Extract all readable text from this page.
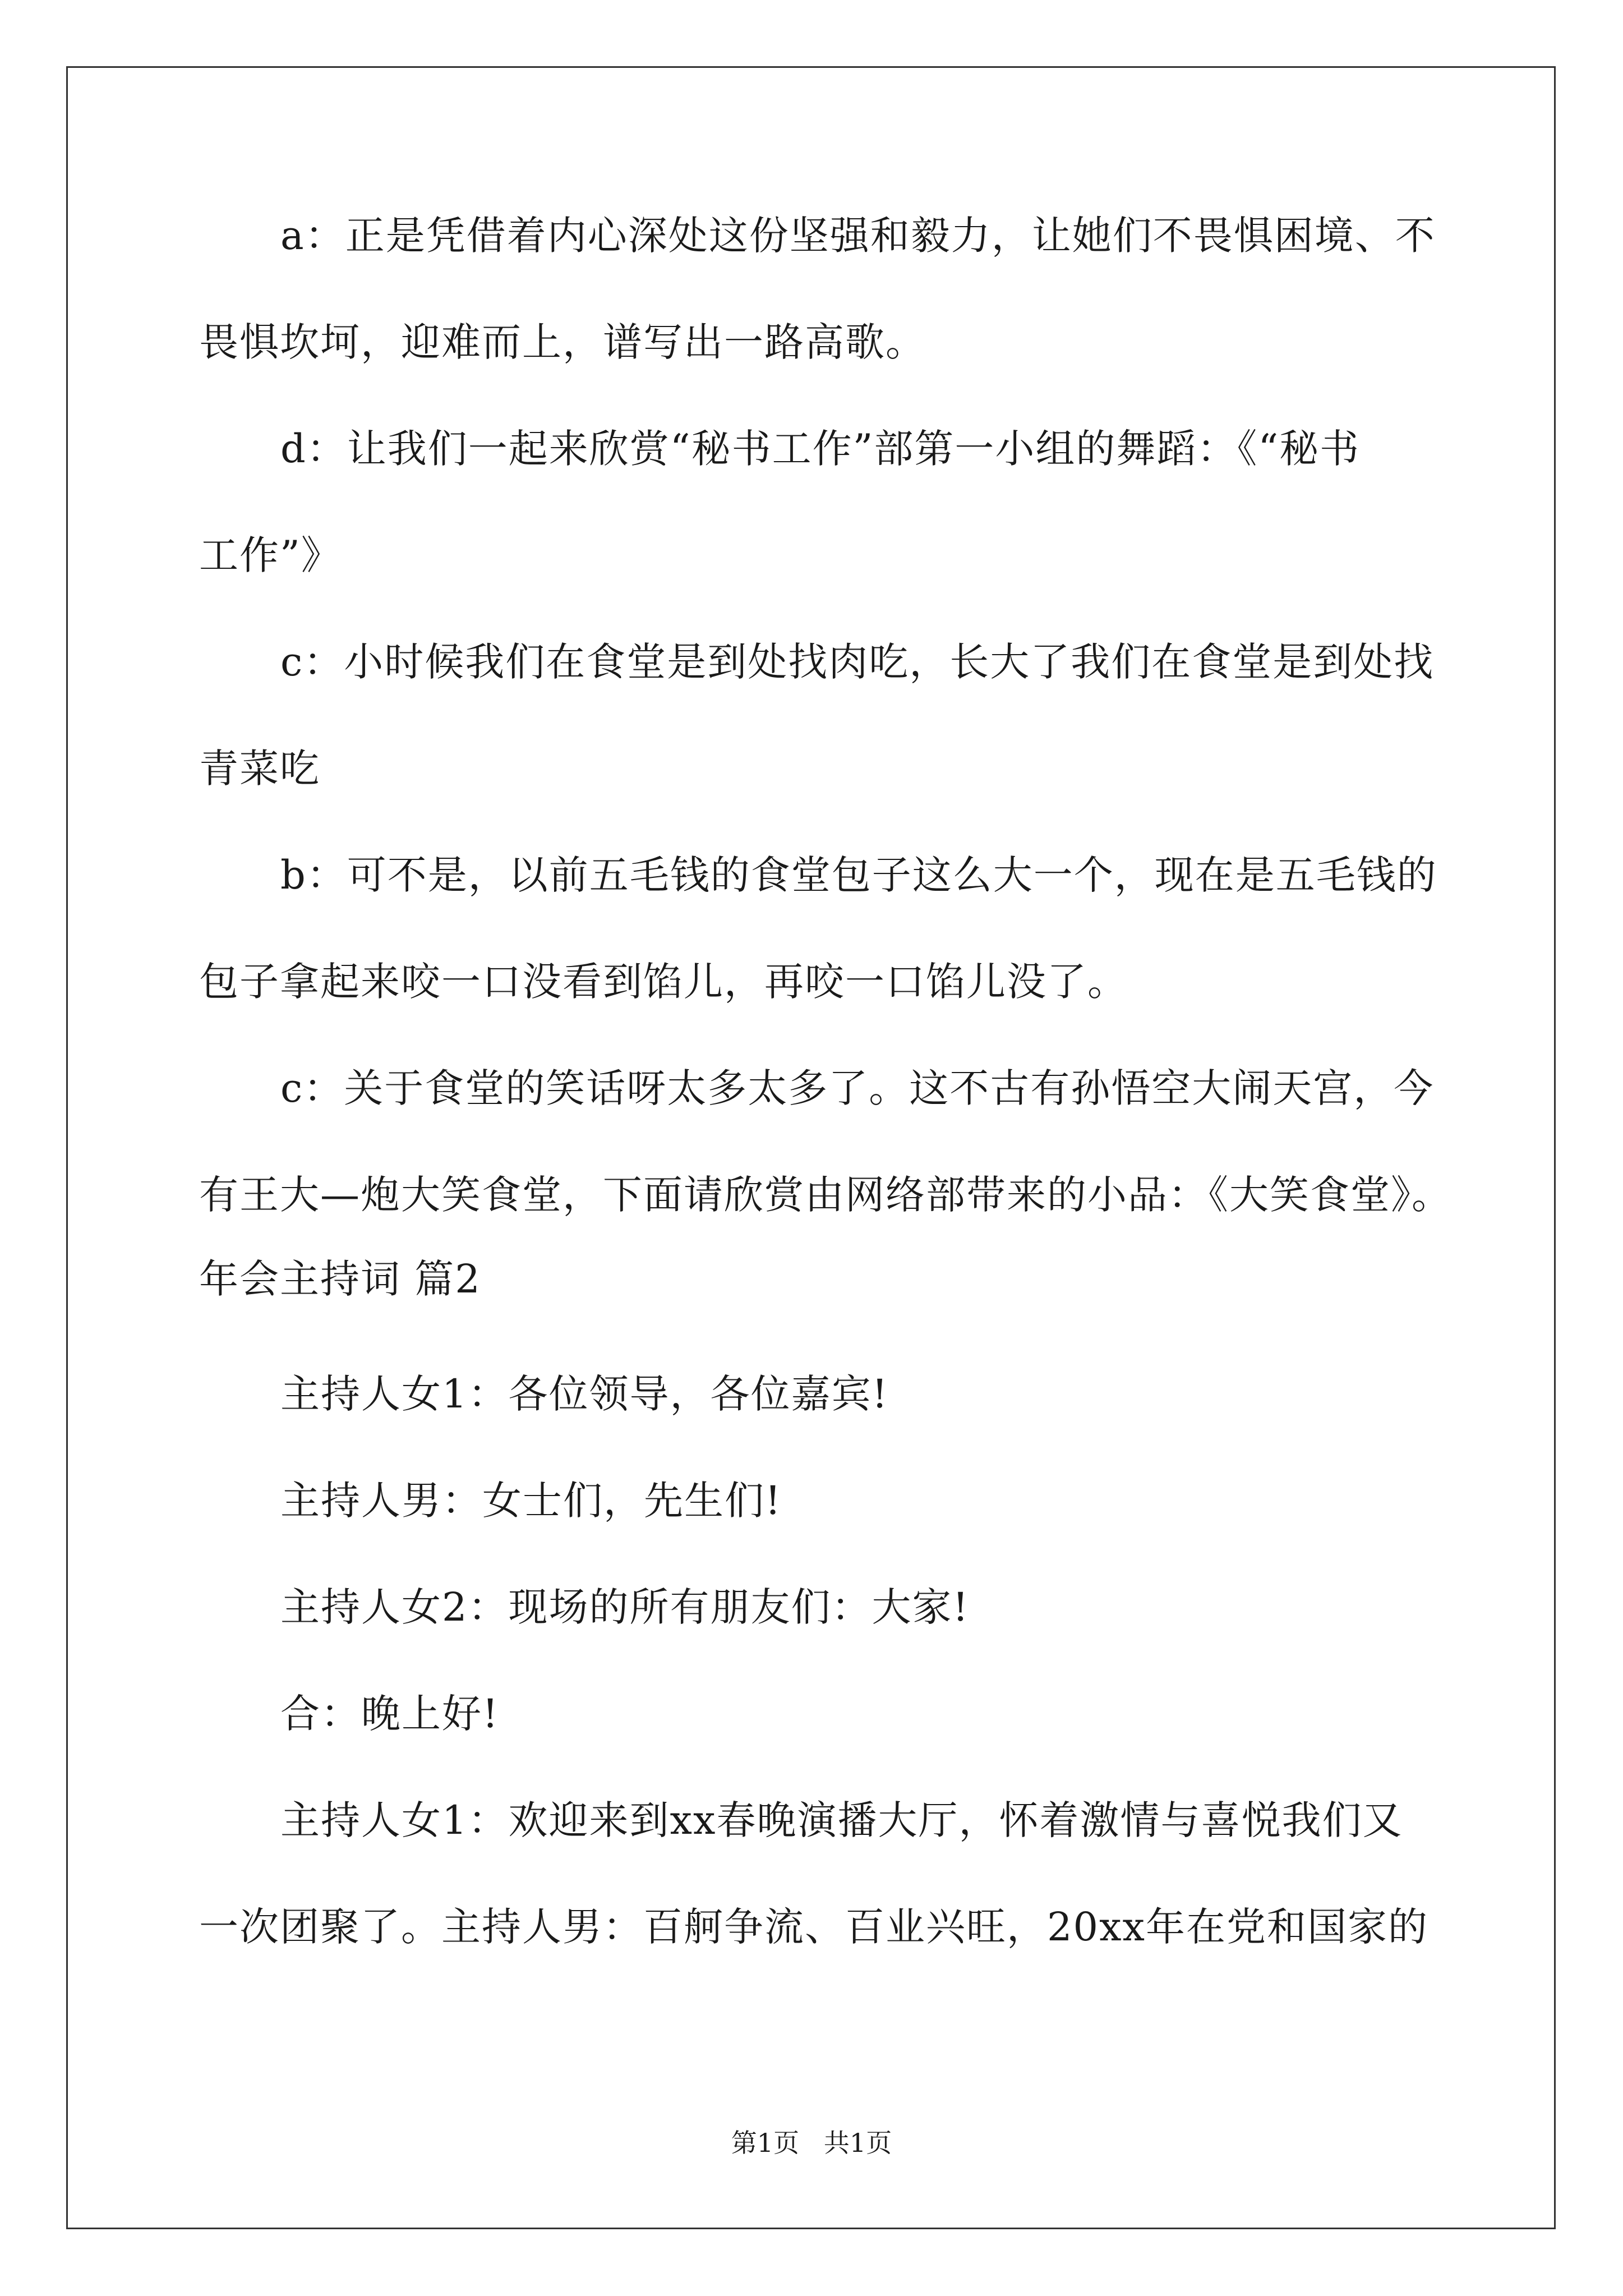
a：正是凭借着内心深处这份坚强和毅力，让她们不畏惧困境、不
畏惧坎坷，迎难而上，谱写出一路高歌。
d：让我们一起来欣赏“秘书工作”部第一小组的舞蹈：《“秘书
工作”》
c：小时候我们在食堂是到处找肉吃，长大了我们在食堂是到处找
青菜吃
b：可不是，以前五毛钱的食堂包子这么大一个，现在是五毛钱的
包子拿起来咬一口没看到馅儿，再咬一口馅儿没了。
c：关于食堂的笑话呀太多太多了。这不古有孙悟空大闹天宫，今
有王大—炮大笑食堂，下面请欣赏由网络部带来的小品：《大笑食堂》。
年会主持词 篇2
主持人女1：各位领导，各位嘉宾!
主持人男：女士们，先生们!
主持人女2：现场的所有朋友们：大家!
合：晚上好!
主持人女1：欢迎来到xx春晚演播大厅，怀着激情与喜悦我们又
一次团聚了。主持人男：百舸争流、百业兴旺，20xx年在党和国家的
第1页   共1页
